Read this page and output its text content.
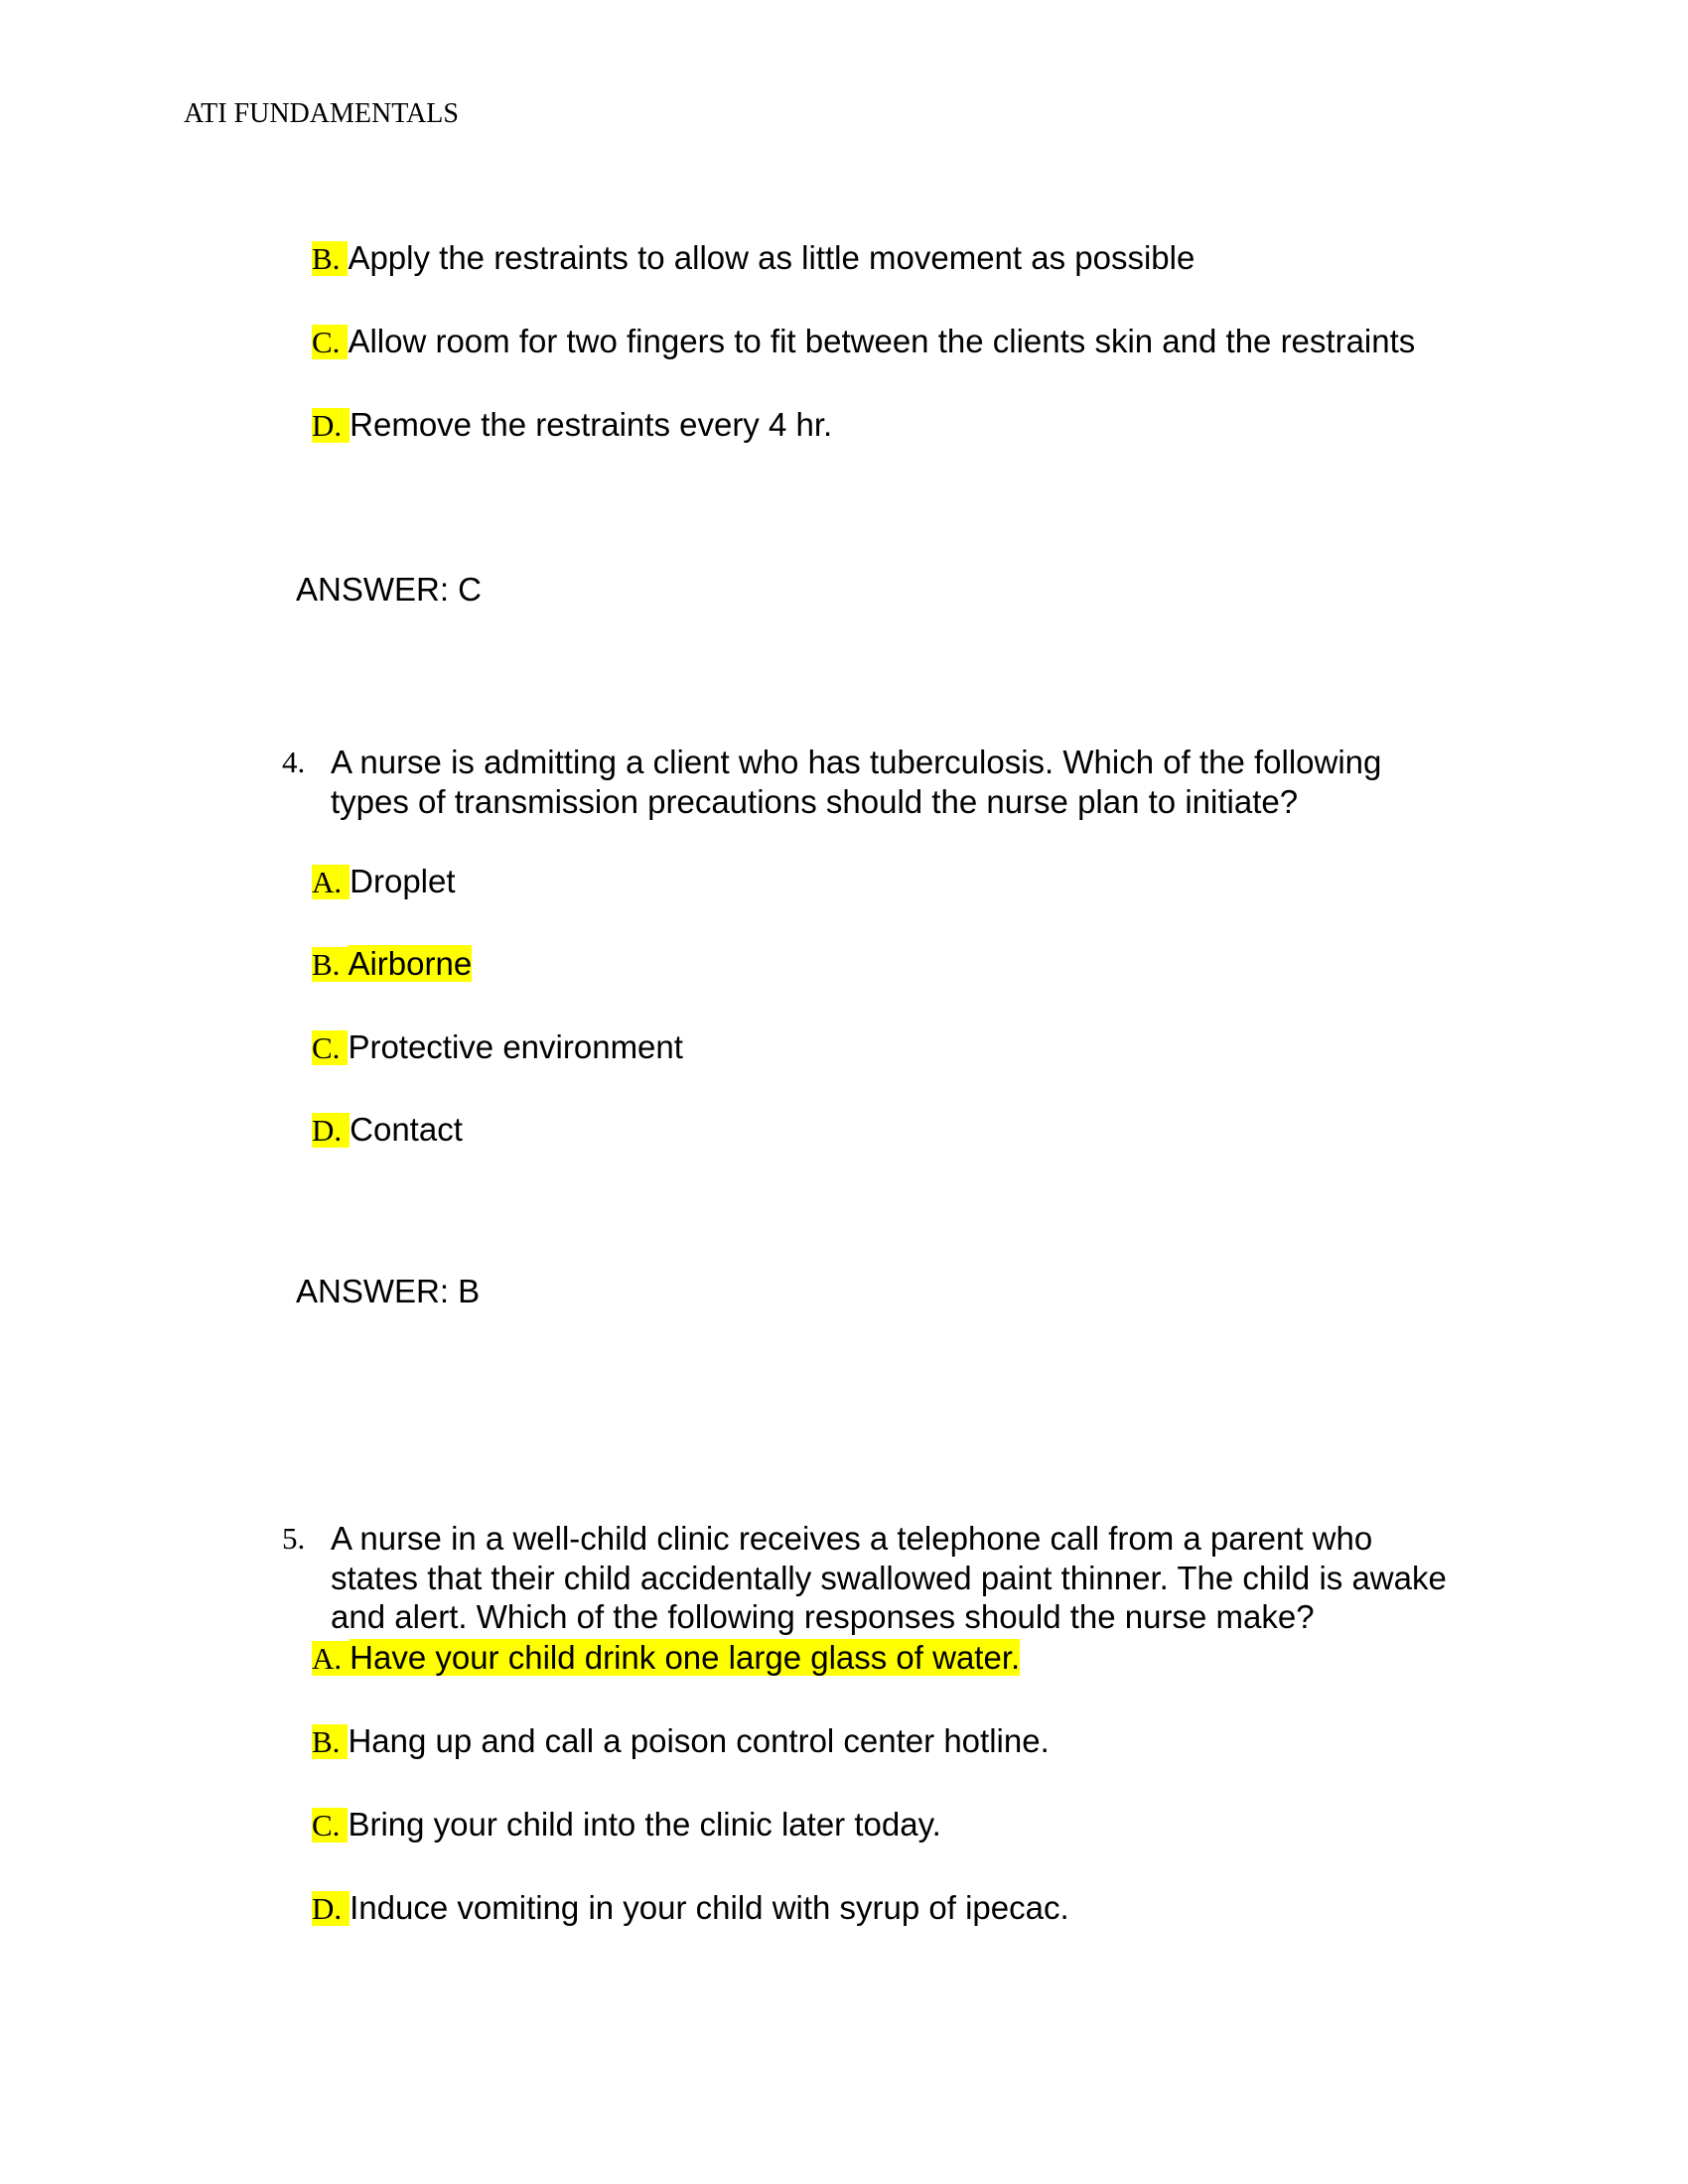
ATI FUNDAMENTALS
B. Apply the restraints to allow as little movement as possible
C. Allow room for two fingers to fit between the clients skin and the restraints
D. Remove the restraints every 4 hr.
ANSWER: C
4. A nurse is admitting a client who has tuberculosis. Which of the following
types of transmission precautions should the nurse plan to initiate?
A. Droplet
B. Airborne
C. Protective environment
D. Contact
ANSWER: B
5. A nurse in a well-child clinic receives a telephone call from a parent who
states that their child accidentally swallowed paint thinner. The child is awake
and alert. Which of the following responses should the nurse make?
A. Have your child drink one large glass of water.
B. Hang up and call a poison control center hotline.
C. Bring your child into the clinic later today.
D. Induce vomiting in your child with syrup of ipecac.
